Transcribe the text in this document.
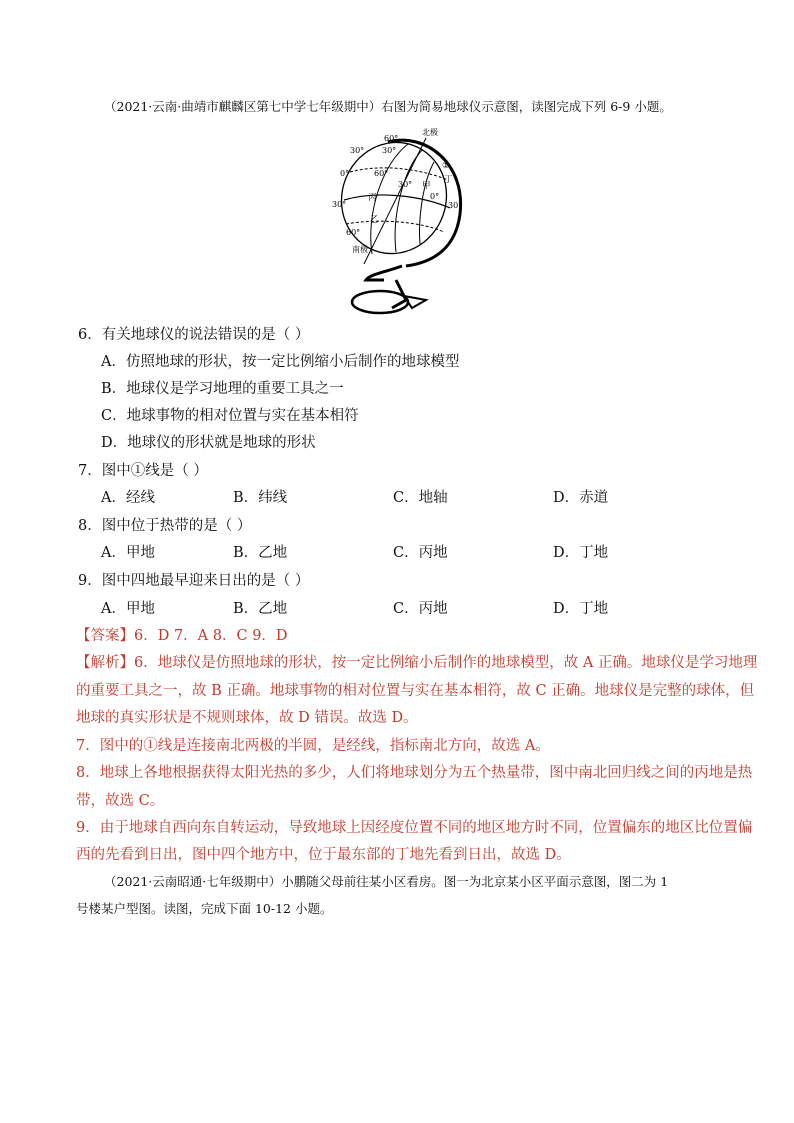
（2021·云南·曲靖市麒麟区第七中学七年级期中）右图为简易地球仪示意图，读图完成下列 6-9 小题。
北极
60°
30°
0°
30°
60°
60°
30°
30°
0°
30°
甲
丁
丙
乙
①
南极
6．有关地球仪的说法错误的是（ ）
A．仿照地球的形状，按一定比例缩小后制作的地球模型
B．地球仪是学习地理的重要工具之一
C．地球事物的相对位置与实在基本相符
D．地球仪的形状就是地球的形状
7．图中①线是（ ）
A．经线	B．纬线	C．地轴	D．赤道
8．图中位于热带的是（ ）
A．甲地	B．乙地	C．丙地	D．丁地
9．图中四地最早迎来日出的是（ ）
A．甲地	B．乙地	C．丙地	D．丁地
【答案】6．D 7．A 8．C 9．D
【解析】6．地球仪是仿照地球的形状，按一定比例缩小后制作的地球模型，故 A 正确。地球仪是学习地理
的重要工具之一，故 B 正确。地球事物的相对位置与实在基本相符，故 C 正确。地球仪是完整的球体，但
地球的真实形状是不规则球体，故 D 错误。故选 D。
7．图中的①线是连接南北两极的半圆，是经线，指标南北方向，故选 A。
8．地球上各地根据获得太阳光热的多少，人们将地球划分为五个热量带，图中南北回归线之间的丙地是热
带，故选 C。
9．由于地球自西向东自转运动，导致地球上因经度位置不同的地区地方时不同，位置偏东的地区比位置偏
西的先看到日出，图中四个地方中，位于最东部的丁地先看到日出，故选 D。
（2021·云南昭通·七年级期中）小鹏随父母前往某小区看房。图一为北京某小区平面示意图，图二为 1
号楼某户型图。读图，完成下面 10-12 小题。
